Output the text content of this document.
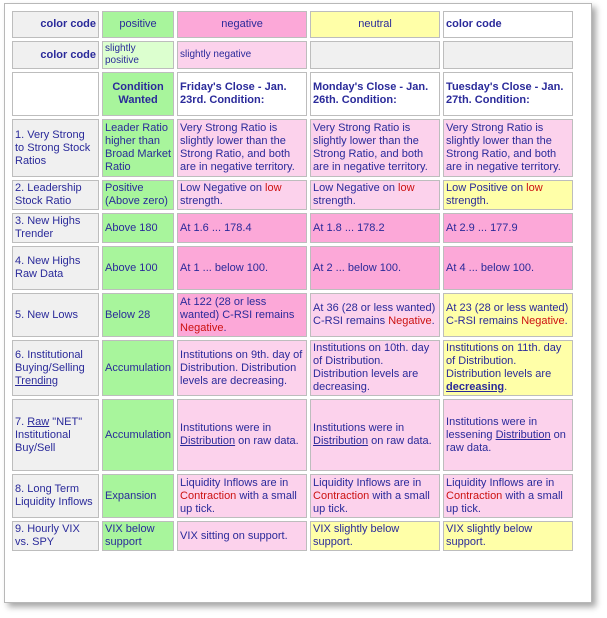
color code	positive	negative	neutral	color code
color code	slightly positive	slightly negative		
	Condition Wanted	Friday's Close - Jan. 23rd. Condition:	Monday's Close - Jan. 26th. Condition:	Tuesday's Close - Jan. 27th. Condition:
1. Very Strong to Strong Stock Ratios	Leader Ratio higher than Broad Market Ratio	Very Strong Ratio is slightly lower than the Strong Ratio, and both are in negative territory.	Very Strong Ratio is slightly lower than the Strong Ratio, and both are in negative territory.	Very Strong Ratio is slightly lower than the Strong Ratio, and both are in negative territory.
2. Leadership Stock Ratio	Positive (Above zero)	Low Negative on low strength.	Low Negative on low strength.	Low Positive on low strength.
3. New Highs Trender	Above 180	At 1.6 ... 178.4	At 1.8 ... 178.2	At 2.9 ... 177.9
4. New Highs Raw Data	Above 100	At 1 ... below 100.	At 2 ... below 100.	At 4 ... below 100.
5. New Lows	Below 28	At 122 (28 or less wanted) C-RSI remains Negative.	At 36 (28 or less wanted) C-RSI remains Negative.	At 23 (28 or less wanted) C-RSI remains Negative.
6. Institutional Buying/Selling Trending	Accumulation	Institutions on 9th. day of Distribution. Distribution levels are decreasing.	Institutions on 10th. day of Distribution. Distribution levels are decreasing.	Institutions on 11th. day of Distribution. Distribution levels are decreasing.
7. Raw "NET" Institutional Buy/Sell	Accumulation	Institutions were in Distribution on raw data.	Institutions were in Distribution on raw data.	Institutions were in lessening Distribution on raw data.
8. Long Term Liquidity Inflows	Expansion	Liquidity Inflows are in Contraction with a small up tick.	Liquidity Inflows are in Contraction with a small up tick.	Liquidity Inflows are in Contraction with a small up tick.
9. Hourly VIX vs. SPY	VIX below support	VIX sitting on support.	VIX slightly below support.	VIX slightly below support.
